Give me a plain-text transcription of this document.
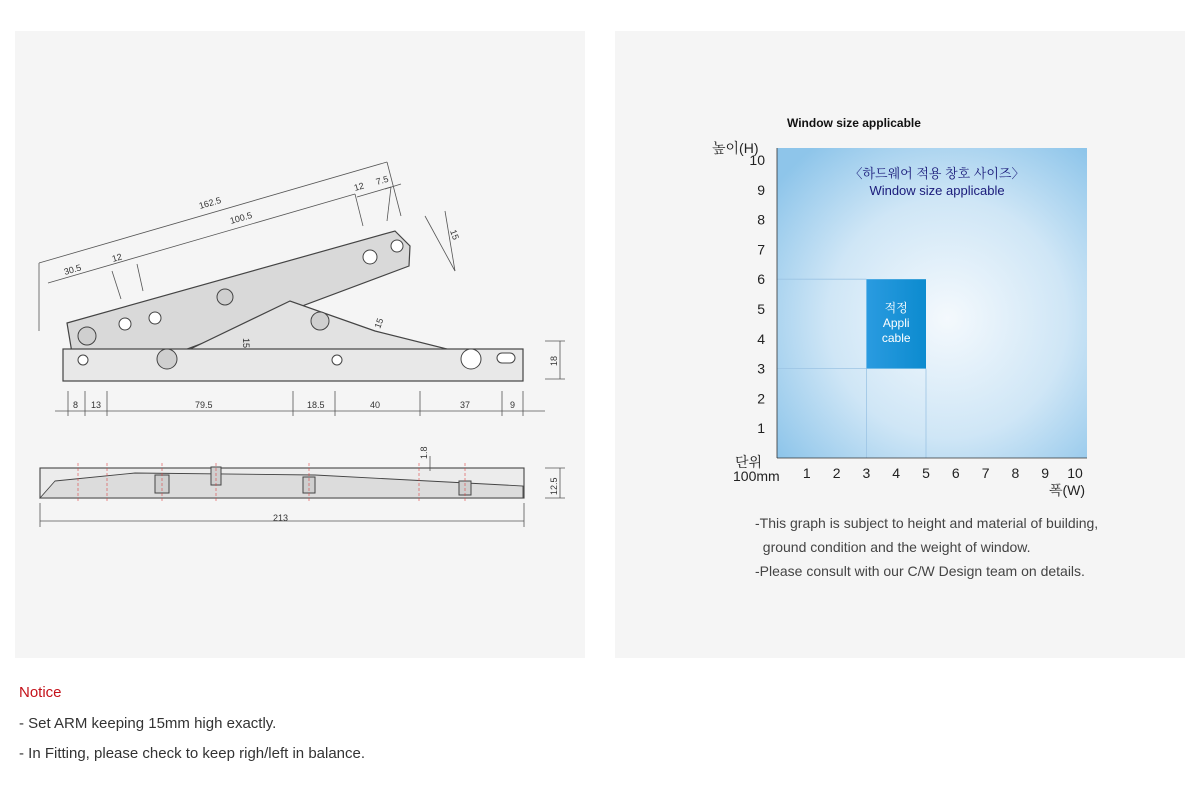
162.5
100.5
12 7.5
30.5
12
15
15
15
18
8 13	79.5	18.5	40	37	9
1.8
12.5
213
Window size applicable
적정
Appli
cable
〈하드웨어 적용 창호 사이즈〉
Window size applicable
1
2
3
4
5
6
7
8
9
10
1 2 3 4 5 6 7 8 9 10
높이(H)
폭(W)
단위
100mm
-This graph is subject to height and material of building,
ground condition and the weight of window.
-Please consult with our C/W Design team on details.
Notice
- Set ARM keeping 15mm high exactly.
- In Fitting, please check to keep righ/left in balance.
